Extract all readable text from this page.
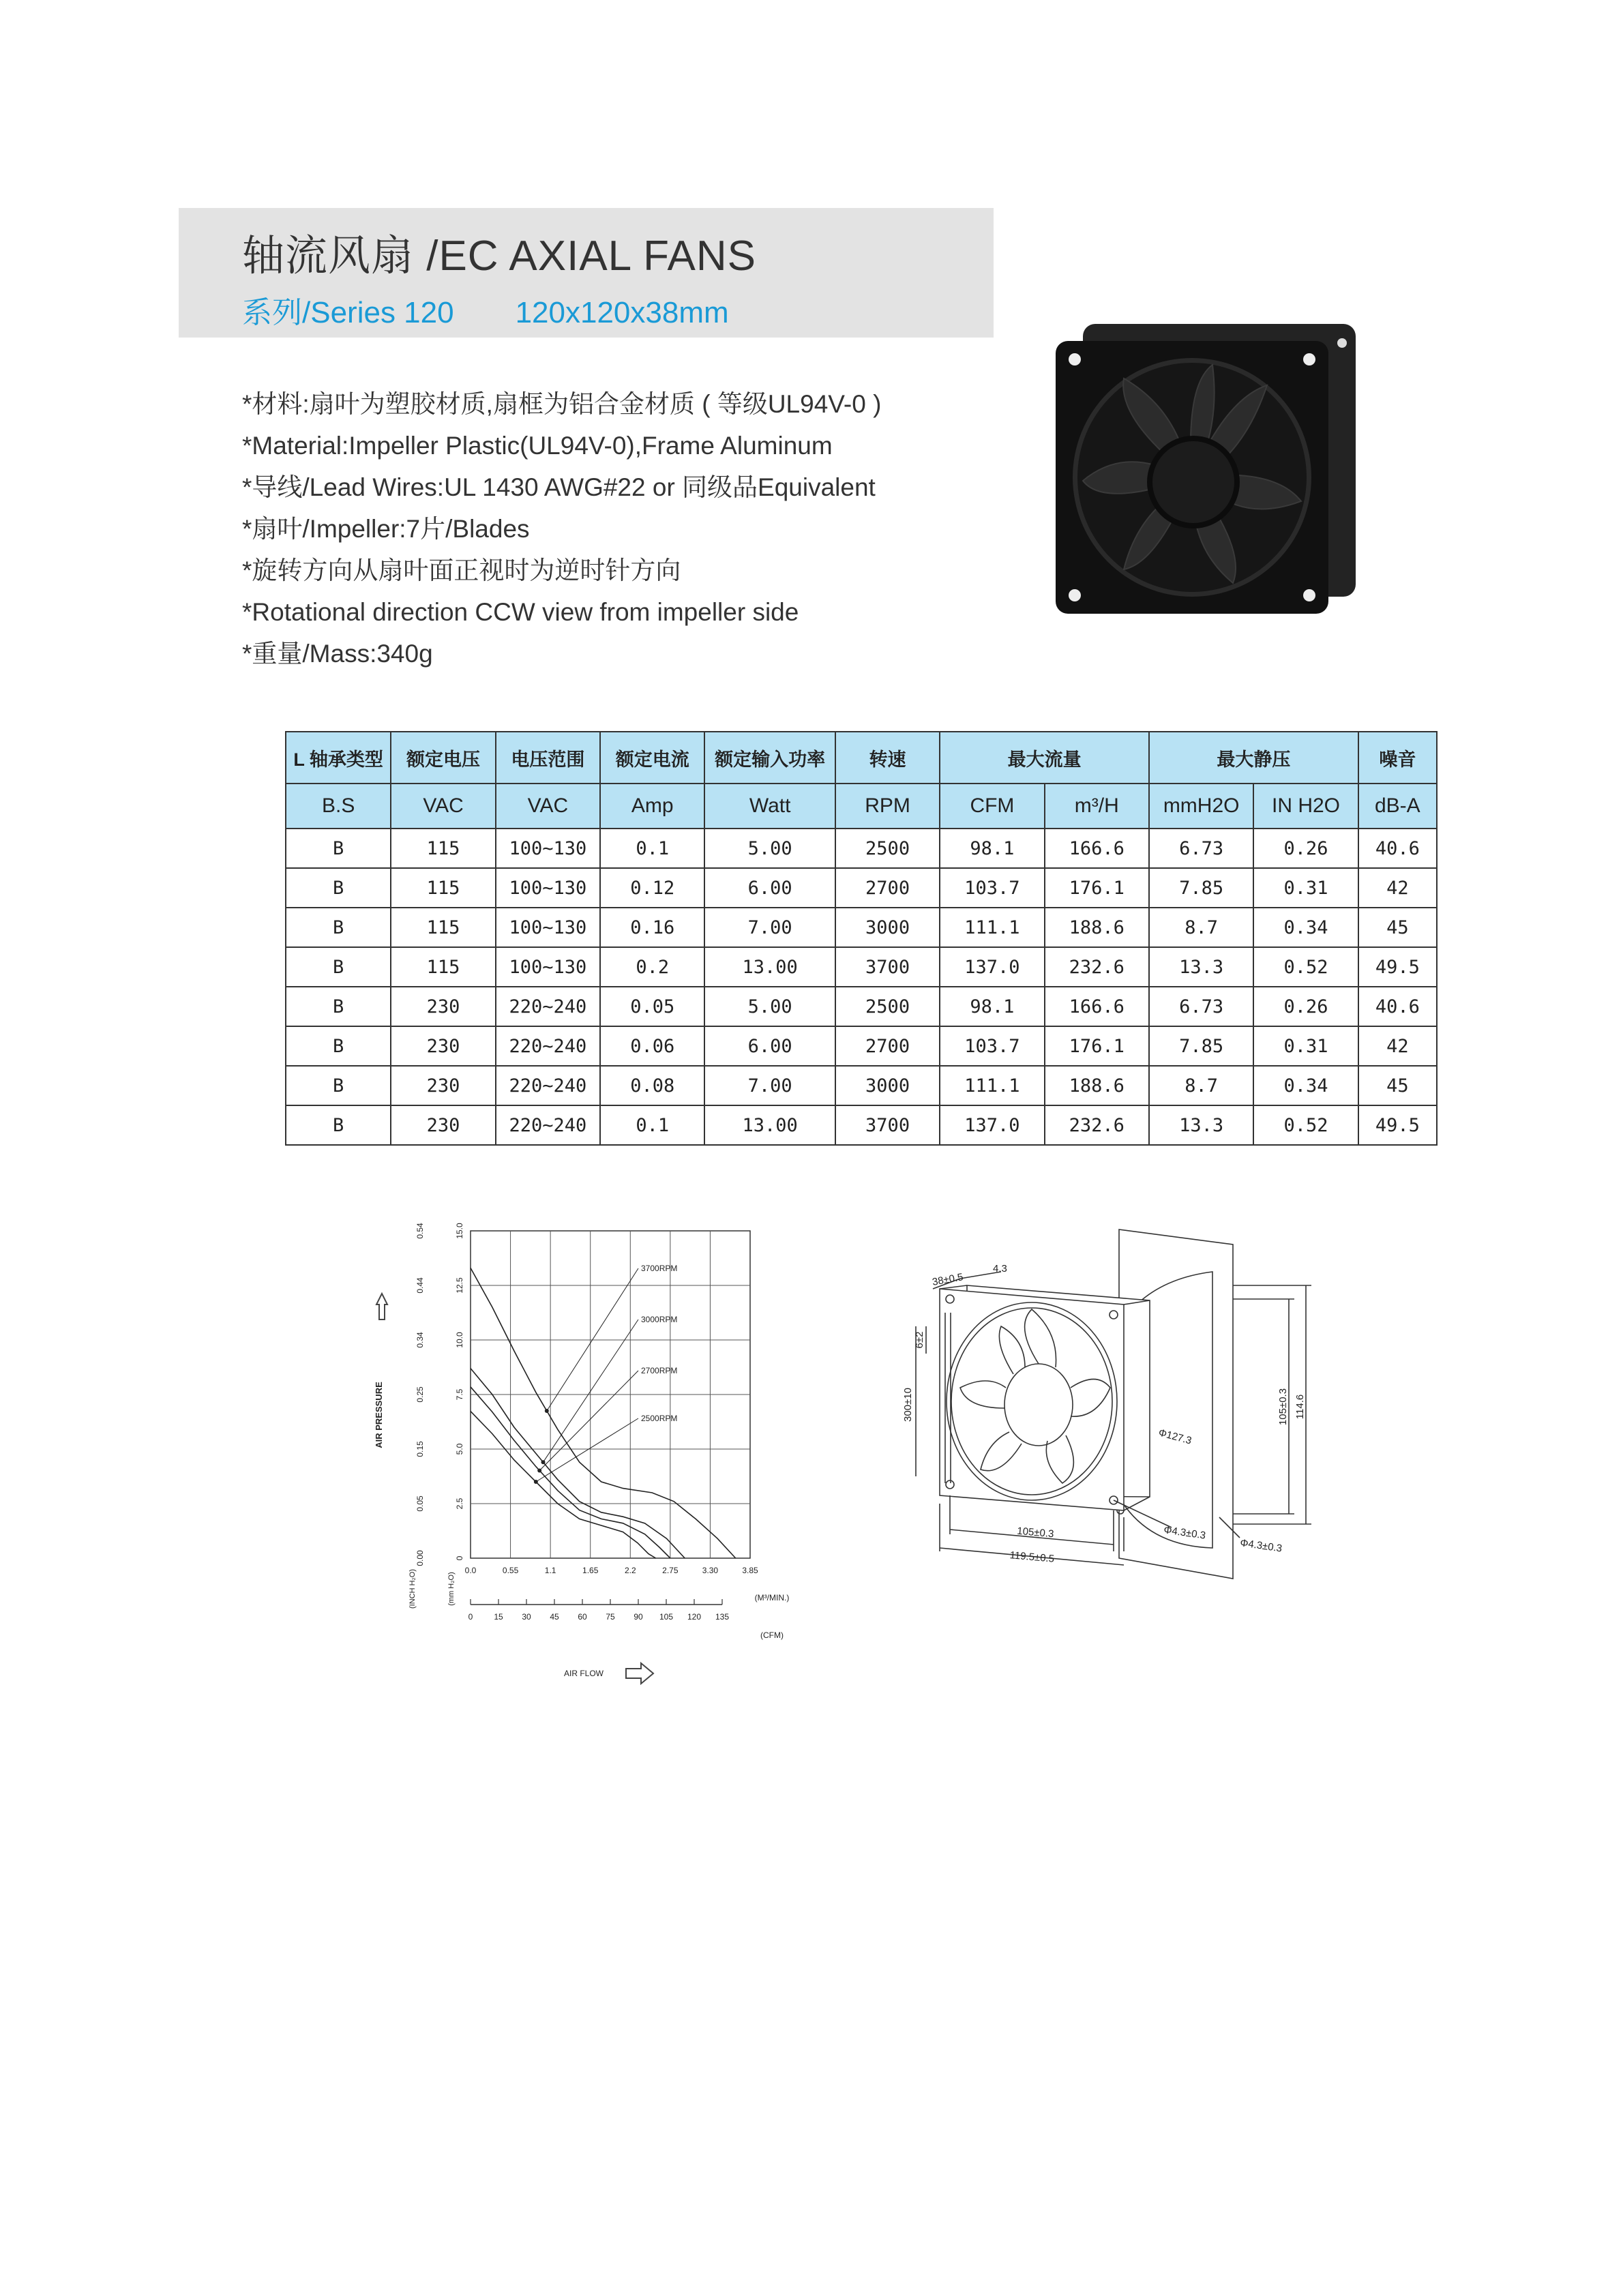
轴流风扇 /EC AXIAL FANS
系列/Series 120 120x120x38mm
*材料:扇叶为塑胶材质,扇框为铝合金材质 ( 等级UL94V-0 )
*Material:Impeller Plastic(UL94V-0),Frame Aluminum
*导线/Lead Wires:UL 1430 AWG#22 or 同级品Equivalent
*扇叶/Impeller:7片/Blades
*旋转方向从扇叶面正视时为逆时针方向
*Rotational direction CCW view from impeller side
*重量/Mass:340g
L 轴承类型	额定电压	电压范围	额定电流	额定输入功率	转速	最大流量		最大静压		噪音
B.S	VAC	VAC	Amp	Watt	RPM	CFM	m³/H	mmH2O	IN H2O	dB-A
B	115	100~130	0.1	5.00	2500	98.1	166.6	6.73	0.26	40.6
B	115	100~130	0.12	6.00	2700	103.7	176.1	7.85	0.31	42
B	115	100~130	0.16	7.00	3000	111.1	188.6	8.7	0.34	45
B	115	100~130	0.2	13.00	3700	137.0	232.6	13.3	0.52	49.5
B	230	220~240	0.05	5.00	2500	98.1	166.6	6.73	0.26	40.6
B	230	220~240	0.06	6.00	2700	103.7	176.1	7.85	0.31	42
B	230	220~240	0.08	7.00	3000	111.1	188.6	8.7	0.34	45
B	230	220~240	0.1	13.00	3700	137.0	232.6	13.3	0.52	49.5
3700RPM
3000RPM
2700RPM
2500RPM
0.0	0.55	1.1	1.65	2.2	2.75	3.30	3.85
0	15 30 45 60 75 90 105 120 135
0
2.5
5.0
7.5
10.0
12.5
15.0
0.00
0.05
0.15
0.25
0.34
0.44
0.54
AIR PRESSURE
(INCH H₂O)	(mm H₂O)	(M³/MIN.)
(CFM)
AIR FLOW
38±0.5
4.3
300±10
6±2
105±0.3
119.5±0.5
Φ4.3±0.3
Φ4.3±0.3
Φ127.3
105±0.3 114.6
